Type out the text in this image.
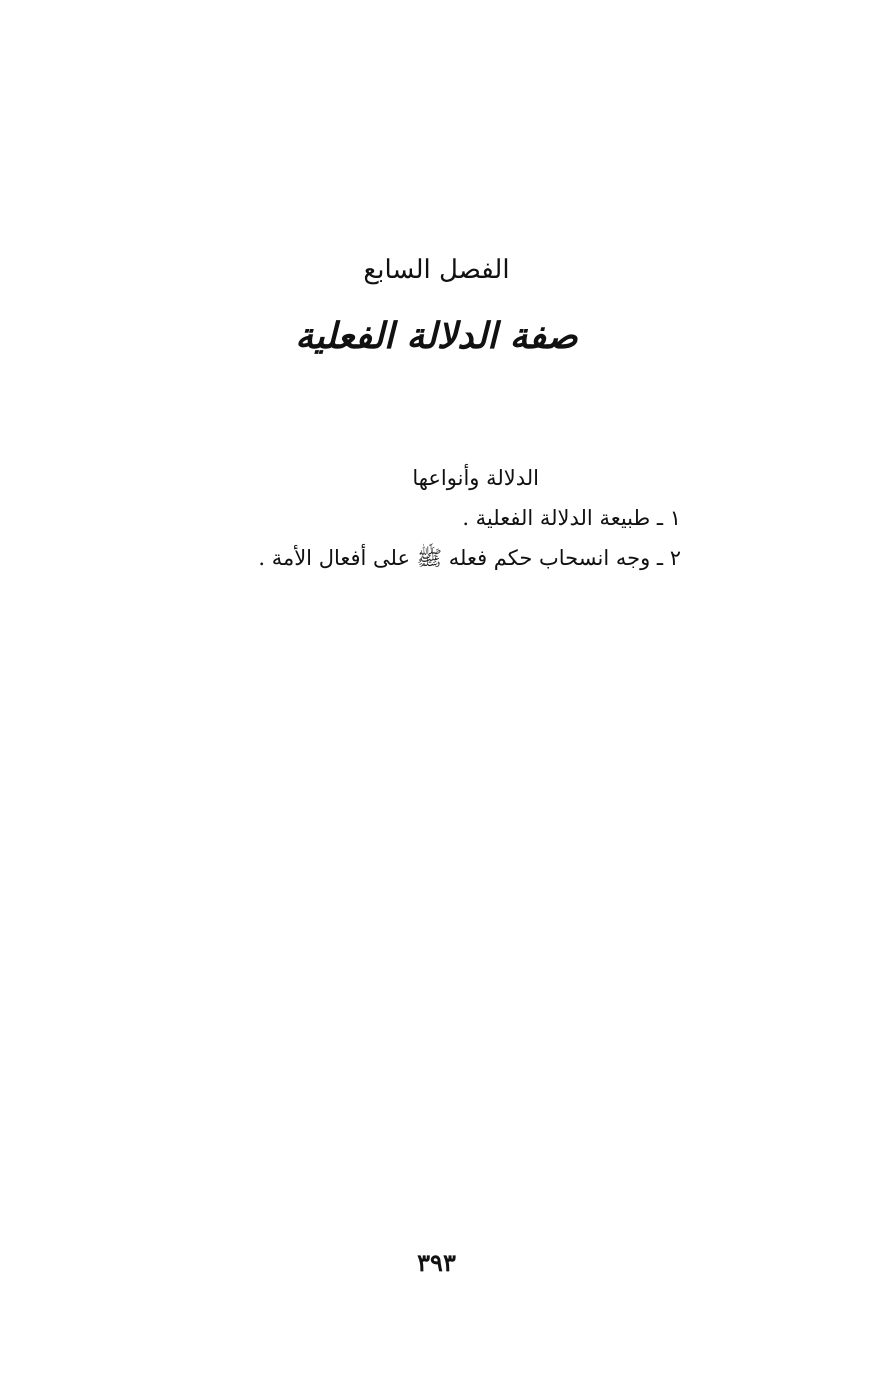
الفصل السابع
صفة الدلالة الفعلية
الدلالة وأنواعها
١ ـ طبيعة الدلالة الفعلية .
٢ ـ وجه انسحاب حكم فعله ﷺ على أفعال الأمة .
٣٩٣
